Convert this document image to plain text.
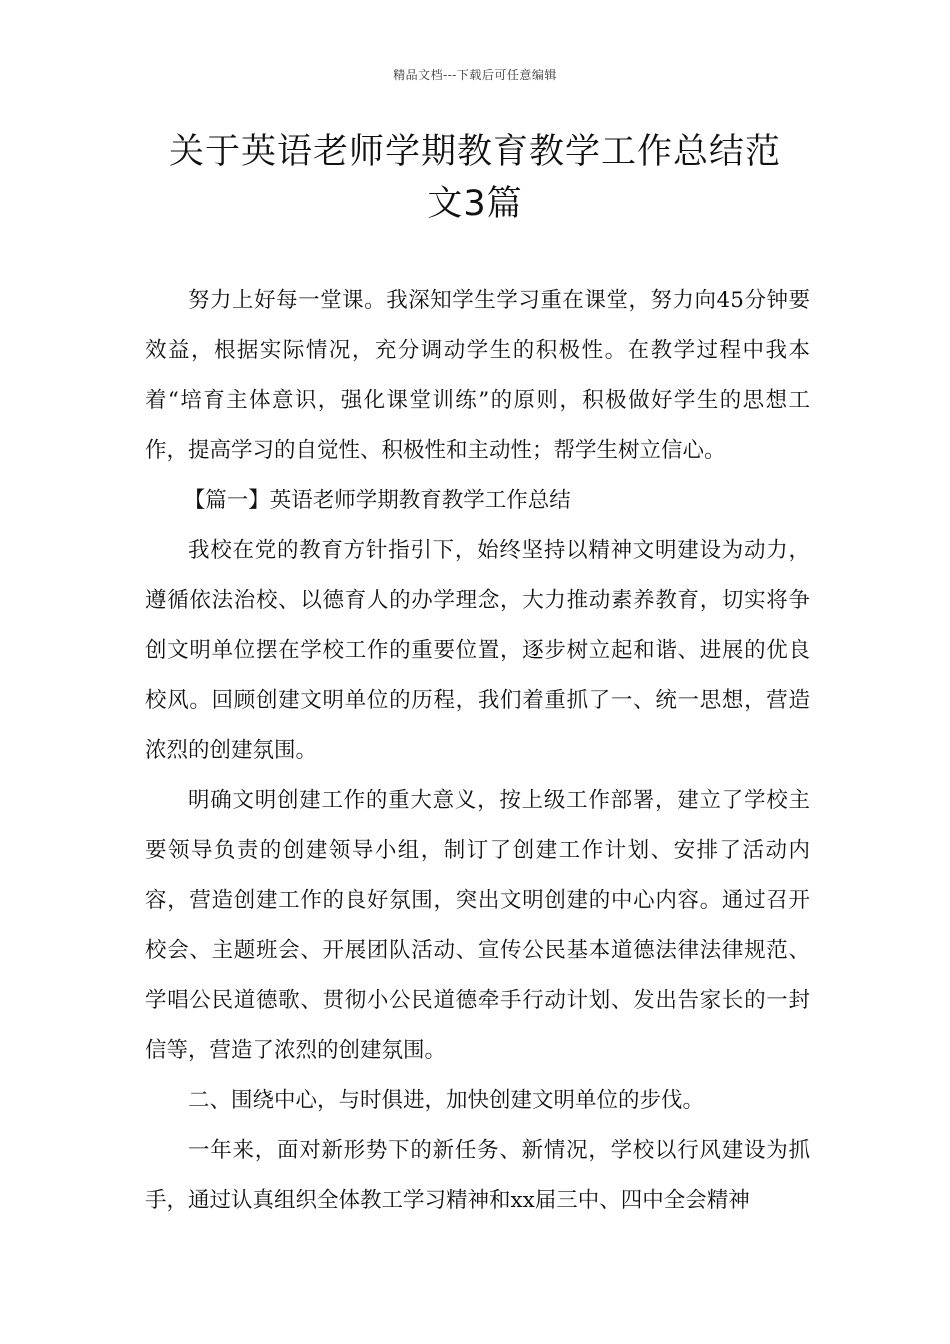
精品文档---下载后可任意编辑
关于英语老师学期教育教学工作总结范
文3篇

努力上好每一堂课。我深知学生学习重在课堂，努力向45分钟要效益，根据实际情况，充分调动学生的积极性。在教学过程中我本着“培育主体意识，强化课堂训练”的原则，积极做好学生的思想工作，提高学习的自觉性、积极性和主动性；帮学生树立信心。

【篇一】英语老师学期教育教学工作总结

我校在党的教育方针指引下，始终坚持以精神文明建设为动力，遵循依法治校、以德育人的办学理念，大力推动素养教育，切实将争创文明单位摆在学校工作的重要位置，逐步树立起和谐、进展的优良校风。回顾创建文明单位的历程，我们着重抓了一、统一思想，营造浓烈的创建氛围。

明确文明创建工作的重大意义，按上级工作部署，建立了学校主要领导负责的创建领导小组，制订了创建工作计划、安排了活动内容，营造创建工作的良好氛围，突出文明创建的中心内容。通过召开校会、主题班会、开展团队活动、宣传公民基本道德法律法律规范、学唱公民道德歌、贯彻小公民道德牵手行动计划、发出告家长的一封信等，营造了浓烈的创建氛围。

二、围绕中心，与时俱进，加快创建文明单位的步伐。

一年来，面对新形势下的新任务、新情况，学校以行风建设为抓手，通过认真组织全体教工学习精神和xx届三中、四中全会精神
